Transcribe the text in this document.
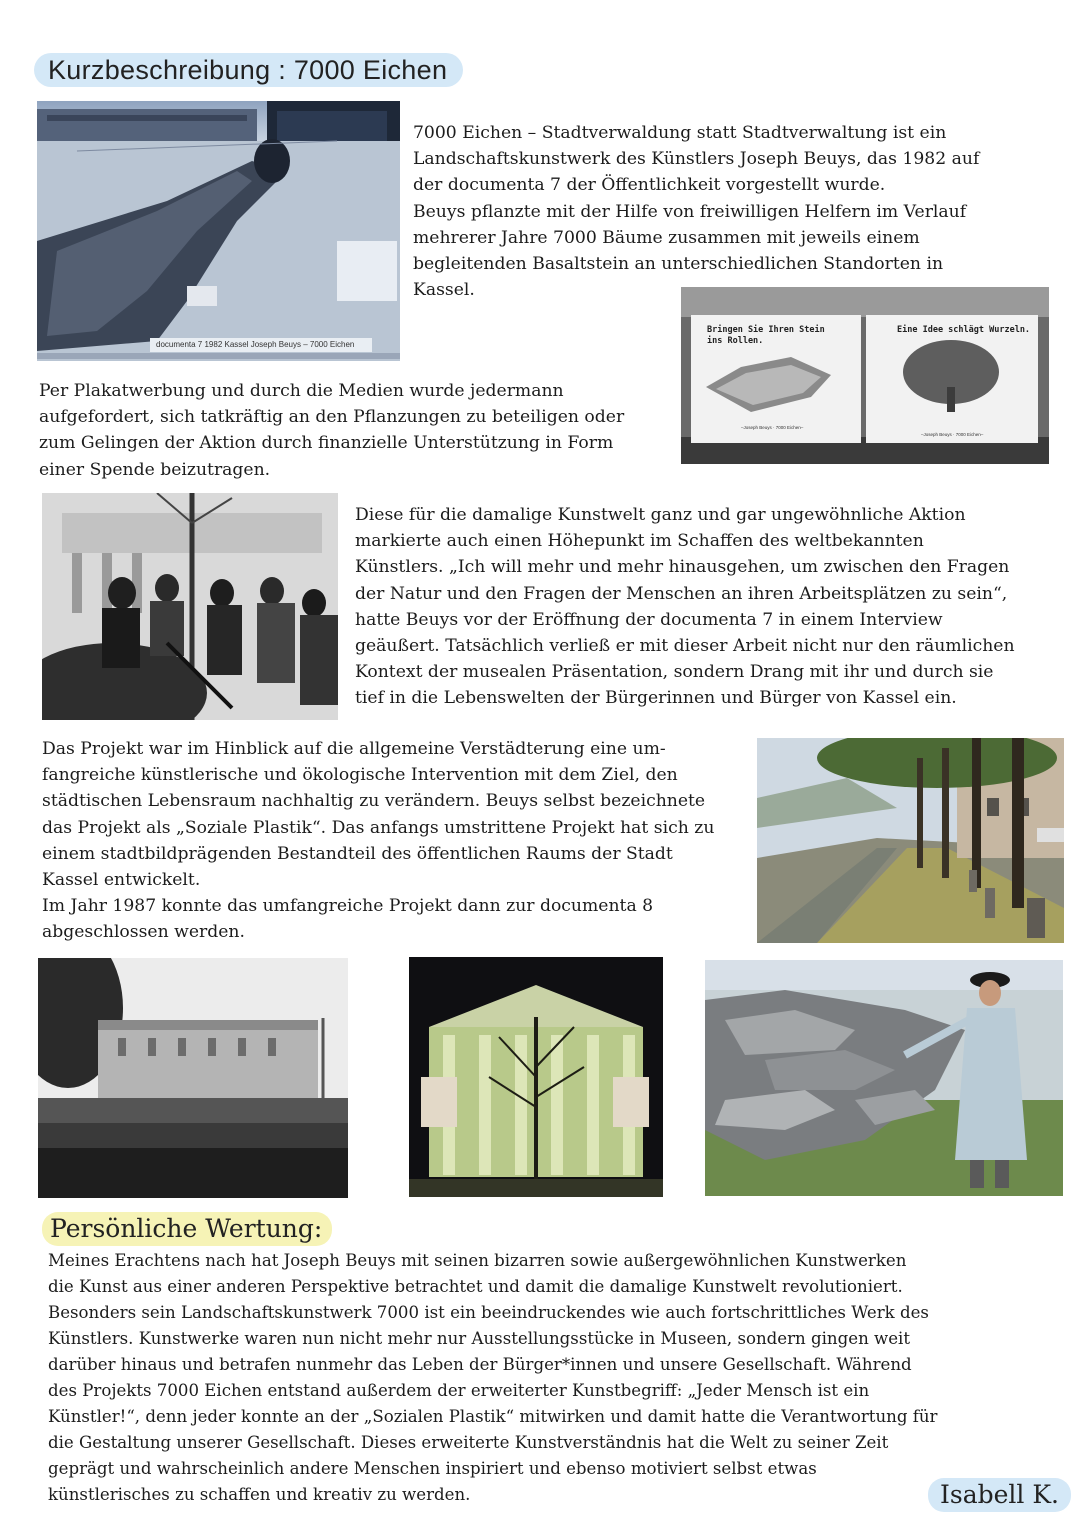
Kurzbeschreibung : 7000 Eichen
documenta 7 1982 Kassel Joseph Beuys – 7000 Eichen
7000 Eichen – Stadtverwaldung statt Stadtverwaltung ist ein
Landschaftskunstwerk des Künstlers Joseph Beuys, das 1982 auf
der documenta 7 der Öffentlichkeit vorgestellt wurde.
Beuys pflanzte mit der Hilfe von freiwilligen Helfern im Verlauf
mehrerer Jahre 7000 Bäume zusammen mit jeweils einem
begleitenden Basaltstein an unterschiedlichen Standorten in
Kassel.
Bringen Sie Ihren Stein
ins Rollen.
–Joseph Beuys · 7000 Eichen–
Eine Idee schlägt Wurzeln.
–Joseph Beuys · 7000 Eichen–
Per Plakatwerbung und durch die Medien wurde jedermann
aufgefordert, sich tatkräftig an den Pflanzungen zu beteiligen oder
zum Gelingen der Aktion durch finanzielle Unterstützung in Form
einer Spende beizutragen.
Diese für die damalige Kunstwelt ganz und gar ungewöhnliche Aktion
markierte auch einen Höhepunkt im Schaffen des weltbekannten
Künstlers. „Ich will mehr und mehr hinausgehen, um zwischen den Fragen
der Natur und den Fragen der Menschen an ihren Arbeitsplätzen zu sein“,
hatte Beuys vor der Eröffnung der documenta 7 in einem Interview
geäußert. Tatsächlich verließ er mit dieser Arbeit nicht nur den räumlichen
Kontext der musealen Präsentation, sondern Drang mit ihr und durch sie
tief in die Lebenswelten der Bürgerinnen und Bürger von Kassel ein.
Das Projekt war im Hinblick auf die allgemeine Verstädterung eine um-
fangreiche künstlerische und ökologische Intervention mit dem Ziel, den
städtischen Lebensraum nachhaltig zu verändern. Beuys selbst bezeichnete
das Projekt als „Soziale Plastik“. Das anfangs umstrittene Projekt hat sich zu
einem stadtbildprägenden Bestandteil des öffentlichen Raums der Stadt
Kassel entwickelt.
Im Jahr 1987 konnte das umfangreiche Projekt dann zur documenta 8
abgeschlossen werden.
Persönliche Wertung:
Meines Erachtens nach hat Joseph Beuys mit seinen bizarren sowie außergewöhnlichen Kunstwerken
die Kunst aus einer anderen Perspektive betrachtet und damit die damalige Kunstwelt revolutioniert.
Besonders sein Landschaftskunstwerk 7000 ist ein beeindruckendes wie auch fortschrittliches Werk des
Künstlers. Kunstwerke waren nun nicht mehr nur Ausstellungsstücke in Museen, sondern gingen weit
darüber hinaus und betrafen nunmehr das Leben der Bürger*innen und unsere Gesellschaft. Während
des Projekts 7000 Eichen entstand außerdem der erweiterter Kunstbegriff: „Jeder Mensch ist ein
Künstler!“, denn jeder konnte an der „Sozialen Plastik“ mitwirken und damit hatte die Verantwortung für
die Gestaltung unserer Gesellschaft. Dieses erweiterte Kunstverständnis hat die Welt zu seiner Zeit
geprägt und wahrscheinlich andere Menschen inspiriert und ebenso motiviert selbst etwas
künstlerisches zu schaffen und kreativ zu werden.	Isabell K.
